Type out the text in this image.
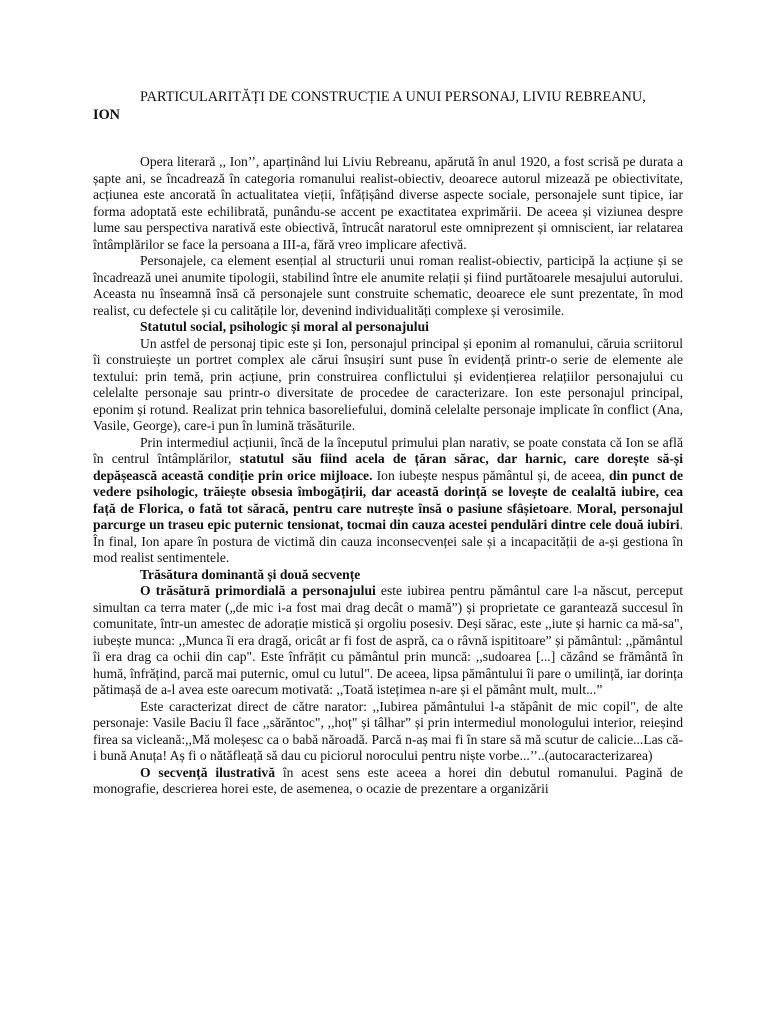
PARTICULARITĂȚI DE CONSTRUCȚIE A UNUI PERSONAJ, LIVIU REBREANU,
ION

Opera literară ,, Ion’’, aparținând lui Liviu Rebreanu, apărută în anul 1920, a fost scrisă pe durata a șapte ani, se încadrează în categoria romanului realist-obiectiv, deoarece autorul mizează pe obiectivitate, acțiunea este ancorată în actualitatea vieții, înfățișând diverse aspecte sociale, personajele sunt tipice, iar forma adoptată este echilibrată, punându-se accent pe exactitatea exprimării. De aceea și viziunea despre lume sau perspectiva narativă este obiectivă, întrucât naratorul este omniprezent și omniscient, iar relatarea întâmplărilor se face la persoana a III-a, fără vreo implicare afectivă.

Personajele, ca element esențial al structurii unui roman realist-obiectiv, participă la acțiune și se încadrează unei anumite tipologii, stabilind între ele anumite relații și fiind purtătoarele mesajului autorului. Aceasta nu înseamnă însă că personajele sunt construite schematic, deoarece ele sunt prezentate, în mod realist, cu defectele și cu calitățile lor, devenind individualități complexe și verosimile.

Statutul social, psihologic și moral al personajului

Un astfel de personaj tipic este și Ion, personajul principal și eponim al romanului, căruia scriitorul îi construiește un portret complex ale cărui însușiri sunt puse în evidență printr-o serie de elemente ale textului: prin temă, prin acțiune, prin construirea conflictului și evidențierea relațiilor personajului cu celelalte personaje sau printr-o diversitate de procedee de caracterizare. Ion este personajul principal, eponim și rotund. Realizat prin tehnica basoreliefului, domină celelalte personaje implicate în conflict (Ana, Vasile, George), care-i pun în lumină trăsăturile.

Prin intermediul acțiunii, încă de la începutul primului plan narativ, se poate constata că Ion se află în centrul întâmplărilor, statutul său fiind acela de țăran sărac, dar harnic, care dorește să-și depășească această condiție prin orice mijloace. Ion iubește nespus pământul și, de aceea, din punct de vedere psihologic, trăiește obsesia îmbogățirii, dar această dorință se lovește de cealaltă iubire, cea față de Florica, o fată tot săracă, pentru care nutrește însă o pasiune sfâșietoare. Moral, personajul parcurge un traseu epic puternic tensionat, tocmai din cauza acestei pendulări dintre cele două iubiri. În final, Ion apare în postura de victimă din cauza inconsecvenței sale și a incapacității de a-și gestiona în mod realist sentimentele.

Trăsătura dominantă și două secvențe

O trăsătură primordială a personajului este iubirea pentru pământul care l-a născut, perceput simultan ca terra mater („de mic i-a fost mai drag decât o mamă”) și proprietate ce garantează succesul în comunitate, într-un amestec de adorație mistică și orgoliu posesiv. Deși sărac, este ,,iute și harnic ca mă-sa", iubește munca: ,,Munca îi era dragă, oricât ar fi fost de aspră, ca o râvnă ispititoare” și pământul: ,,pământul îi era drag ca ochii din cap". Este înfrățit cu pământul prin muncă: ,,sudoarea [...] căzând se frământă în humă, înfrățind, parcă mai puternic, omul cu lutul". De aceea, lipsa pământului îi pare o umilință, iar dorința pătimașă de a-l avea este oarecum motivată: ,,Toată istețimea n-are și el pământ mult, mult...”

Este caracterizat direct de către narator: ,,Iubirea pământului l-a stăpânit de mic copil", de alte personaje: Vasile Baciu îl face ,,sărăntoc", ,,hoț" și tâlhar” și prin intermediul monologului interior, reieșind firea sa vicleană:,,Mă moleșesc ca o babă năroadă. Parcă n-aș mai fi în stare să mă scutur de calicie...Las că-i bună Anuța! Aș fi o nătăfleață să dau cu piciorul norocului pentru niște vorbe...’’..(autocaracterizarea)

O secvență ilustrativă în acest sens este aceea a horei din debutul romanului. Pagină de monografie, descrierea horei este, de asemenea, o ocazie de prezentare a organizării
